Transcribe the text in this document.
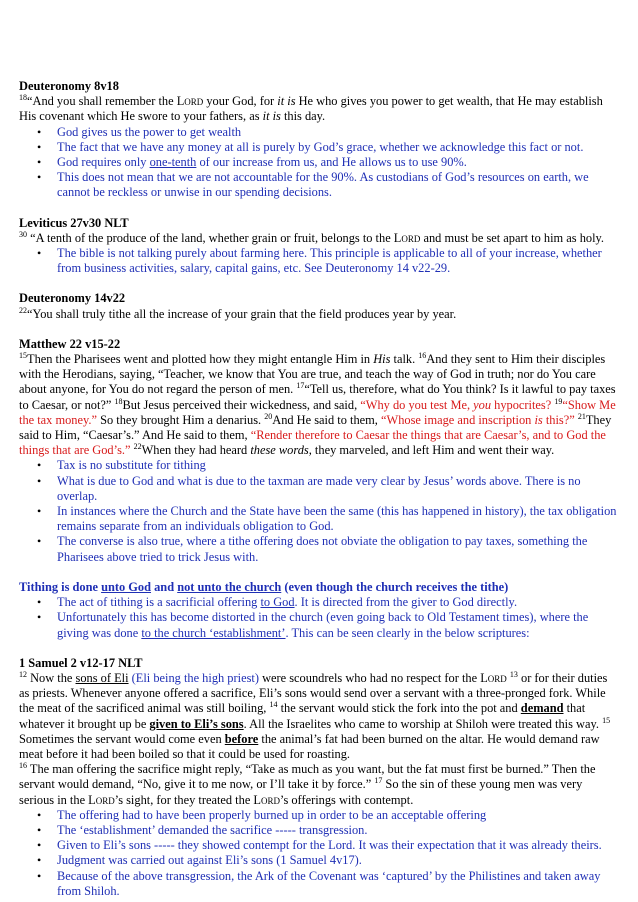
Deuteronomy 8v18

$^{18}$“And you shall remember the Lord your God, for it is He who gives you power to get wealth, that He may establish His covenant which He swore to your fathers, as it is this day.

• God gives us the power to get wealth
• The fact that we have any money at all is purely by God’s grace, whether we acknowledge this fact or not.
• God requires only one-tenth of our increase from us, and He allows us to use 90%.
• This does not mean that we are not accountable for the 90%. As custodians of God’s resources on earth, we cannot be reckless or unwise in our spending decisions.

Leviticus 27v30 NLT

$^{30}$ “A tenth of the produce of the land, whether grain or fruit, belongs to the Lord and must be set apart to him as holy.

• The bible is not talking purely about farming here. This principle is applicable to all of your increase, whether from business activities, salary, capital gains, etc. See Deuteronomy 14 v22-29.

Deuteronomy 14v22

$^{22}$“You shall truly tithe all the increase of your grain that the field produces year by year.

Matthew 22 v15-22

$^{15}$Then the Pharisees went and plotted how they might entangle Him in His talk. $^{16}$And they sent to Him their disciples with the Herodians, saying, “Teacher, we know that You are true, and teach the way of God in truth; nor do You care about anyone, for You do not regard the person of men. $^{17}$“Tell us, therefore, what do You think? Is it lawful to pay taxes to Caesar, or not?” $^{18}$But Jesus perceived their wickedness, and said, “Why do you test Me, you hypocrites? $^{19}$“Show Me the tax money.” So they brought Him a denarius. $^{20}$And He said to them, “Whose image and inscription is this?” $^{21}$They said to Him, “Caesar’s.” And He said to them, “Render therefore to Caesar the things that are Caesar’s, and to God the things that are God’s.” $^{22}$When they had heard these words, they marveled, and left Him and went their way.

• Tax is no substitute for tithing
• What is due to God and what is due to the taxman are made very clear by Jesus’ words above. There is no overlap.
• In instances where the Church and the State have been the same (this has happened in history), the tax obligation remains separate from an individuals obligation to God.
• The converse is also true, where a tithe offering does not obviate the obligation to pay taxes, something the Pharisees above tried to trick Jesus with.

Tithing is done unto God and not unto the church (even though the church receives the tithe)

• The act of tithing is a sacrificial offering to God. It is directed from the giver to God directly.
• Unfortunately this has become distorted in the church (even going back to Old Testament times), where the giving was done to the church ‘establishment’. This can be seen clearly in the below scriptures:

1 Samuel 2 v12-17 NLT

$^{12}$ Now the sons of Eli (Eli being the high priest) were scoundrels who had no respect for the Lord $^{13}$ or for their duties as priests. Whenever anyone offered a sacrifice, Eli’s sons would send over a servant with a three-pronged fork. While the meat of the sacrificed animal was still boiling, $^{14}$ the servant would stick the fork into the pot and demand that whatever it brought up be given to Eli’s sons. All the Israelites who came to worship at Shiloh were treated this way. $^{15}$ Sometimes the servant would come even before the animal’s fat had been burned on the altar. He would demand raw meat before it had been boiled so that it could be used for roasting.
$^{16}$ The man offering the sacrifice might reply, “Take as much as you want, but the fat must first be burned.” Then the servant would demand, “No, give it to me now, or I’ll take it by force.” $^{17}$ So the sin of these young men was very serious in the Lord’s sight, for they treated the Lord’s offerings with contempt.

• The offering had to have been properly burned up in order to be an acceptable offering
• The ‘establishment’ demanded the sacrifice ----- transgression.
• Given to Eli’s sons ----- they showed contempt for the Lord. It was their expectation that it was already theirs.
• Judgment was carried out against Eli’s sons (1 Samuel 4v17).
• Because of the above transgression, the Ark of the Covenant was ‘captured’ by the Philistines and taken away from Shiloh.
